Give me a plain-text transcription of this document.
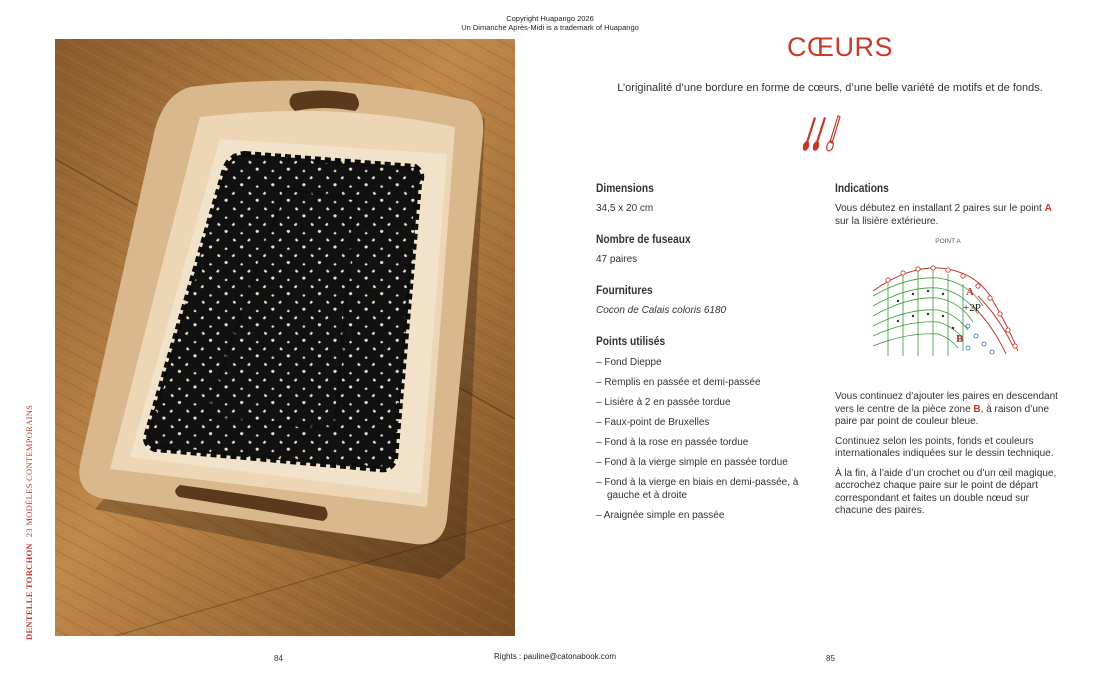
Copyright Huapango 2026
Un Dimanche Après-Midi is a trademark of Huapango
DENTELLE TORCHON23 MODÈLES CONTEMPORAINS
84	Rights : pauline@catonabook.com	85
CŒURS
L’originalité d’une bordure en forme de cœurs, d’une belle variété de motifs et de fonds.
Dimensions
34,5 x 20 cm
Nombre de fuseaux
47 paires
Fournitures
Cocon de Calais coloris 6180
Points utilisés
– Fond Dieppe
– Remplis en passée et demi-passée
– Lisière à 2 en passée tordue
– Faux-point de Bruxelles
– Fond à la rose en passée tordue
– Fond à la vierge simple en passée tordue
– Fond à la vierge en biais en demi-passée, à gauche et à droite
– Araignée simple en passée
Indications

Vous débutez en installant 2 paires sur le point A sur la lisière extérieure.

POINT A
A
+2P
B

Vous continuez d’ajouter les paires en descendant vers le centre de la pièce zone B, à raison d’une paire par point de couleur bleue.

Continuez selon les points, fonds et couleurs internationales indiquées sur le dessin technique.

À la fin, à l’aide d’un crochet ou d’un œil magique, accrochez chaque paire sur le point de départ correspondant et faites un double nœud sur chacune des paires.
